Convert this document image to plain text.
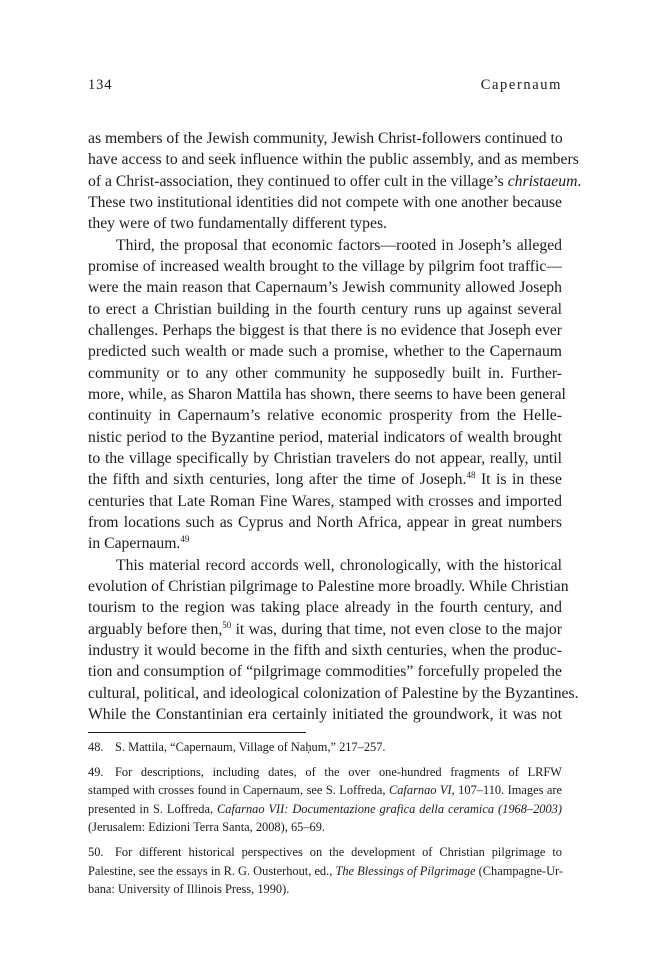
134	Capernaum
as members of the Jewish community, Jewish Christ-followers continued to
have access to and seek influence within the public assembly, and as members
of a Christ-association, they continued to offer cult in the village’s christaeum.
These two institutional identities did not compete with one another because
they were of two fundamentally different types.
Third, the proposal that economic factors—rooted in Joseph’s alleged
promise of increased wealth brought to the village by pilgrim foot traffic—
were the main reason that Capernaum’s Jewish community allowed Joseph
to erect a Christian building in the fourth century runs up against several
challenges. Perhaps the biggest is that there is no evidence that Joseph ever
predicted such wealth or made such a promise, whether to the Capernaum
community or to any other community he supposedly built in. Further-
more, while, as Sharon Mattila has shown, there seems to have been general
continuity in Capernaum’s relative economic prosperity from the Helle-
nistic period to the Byzantine period, material indicators of wealth brought
to the village specifically by Christian travelers do not appear, really, until
the fifth and sixth centuries, long after the time of Joseph.$^{48}$ It is in these
centuries that Late Roman Fine Wares, stamped with crosses and imported
from locations such as Cyprus and North Africa, appear in great numbers
in Capernaum.$^{49}$
This material record accords well, chronologically, with the historical
evolution of Christian pilgrimage to Palestine more broadly. While Christian
tourism to the region was taking place already in the fourth century, and
arguably before then,$^{50}$ it was, during that time, not even close to the major
industry it would become in the fifth and sixth centuries, when the produc-
tion and consumption of “pilgrimage commodities” forcefully propeled the
cultural, political, and ideological colonization of Palestine by the Byzantines.
While the Constantinian era certainly initiated the groundwork, it was not
48. S. Mattila, “Capernaum, Village of Naḥum,” 217–257.
49. For descriptions, including dates, of the over one-hundred fragments of LRFW
stamped with crosses found in Capernaum, see S. Loffreda, Cafarnao VI, 107–110. Images are
presented in S. Loffreda, Cafarnao VII: Documentazione grafica della ceramica (1968–2003)
(Jerusalem: Edizioni Terra Santa, 2008), 65–69.
50. For different historical perspectives on the development of Christian pilgrimage to
Palestine, see the essays in R. G. Ousterhout, ed., The Blessings of Pilgrimage (Champagne-Ur-
bana: University of Illinois Press, 1990).
